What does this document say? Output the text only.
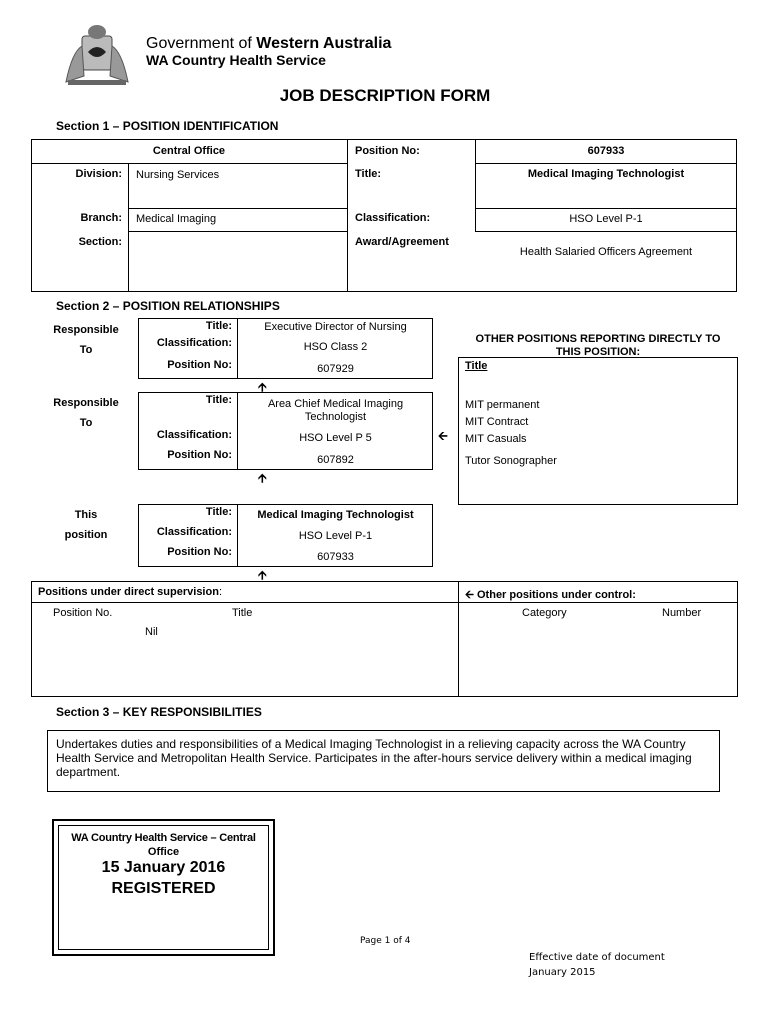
Government of Western Australia
WA Country Health Service
JOB DESCRIPTION FORM
Section 1 – POSITION IDENTIFICATION
Central Office
Division: Nursing Services
Branch: Medical Imaging
Section:
Position No:	607933
Title:	Medical Imaging Technologist
Classification:	HSO Level P-1
Award/Agreement
Health Salaried Officers Agreement
Section 2 – POSITION RELATIONSHIPS
Responsible
To
Title:	Executive Director of Nursing
Classification:	HSO Class 2
Position No:	607929
🡩
Responsible
To
Title:	Area Chief Medical Imaging
Technologist
Classification:	HSO Level P 5
Position No:	607892
🡩
🡨
OTHER POSITIONS REPORTING DIRECTLY TO
THIS POSITION:
Title
MIT permanent
MIT Contract
MIT Casuals
Tutor Sonographer
This
position
Title:	Medical Imaging Technologist
Classification:	HSO Level P-1
Position No:	607933
🡩
Positions under direct supervision:
Position No.	Title
Nil
🡨 Other positions under control:
Category	Number
Section 3 – KEY RESPONSIBILITIES
Undertakes duties and responsibilities of a Medical Imaging Technologist in a relieving capacity across the WA Country Health Service and Metropolitan Health Service. Participates in the after-hours service delivery within a medical imaging department.
WA Country Health Service – Central
Office
15 January 2016
REGISTERED
Page 1 of 4
Effective date of document
January 2015
